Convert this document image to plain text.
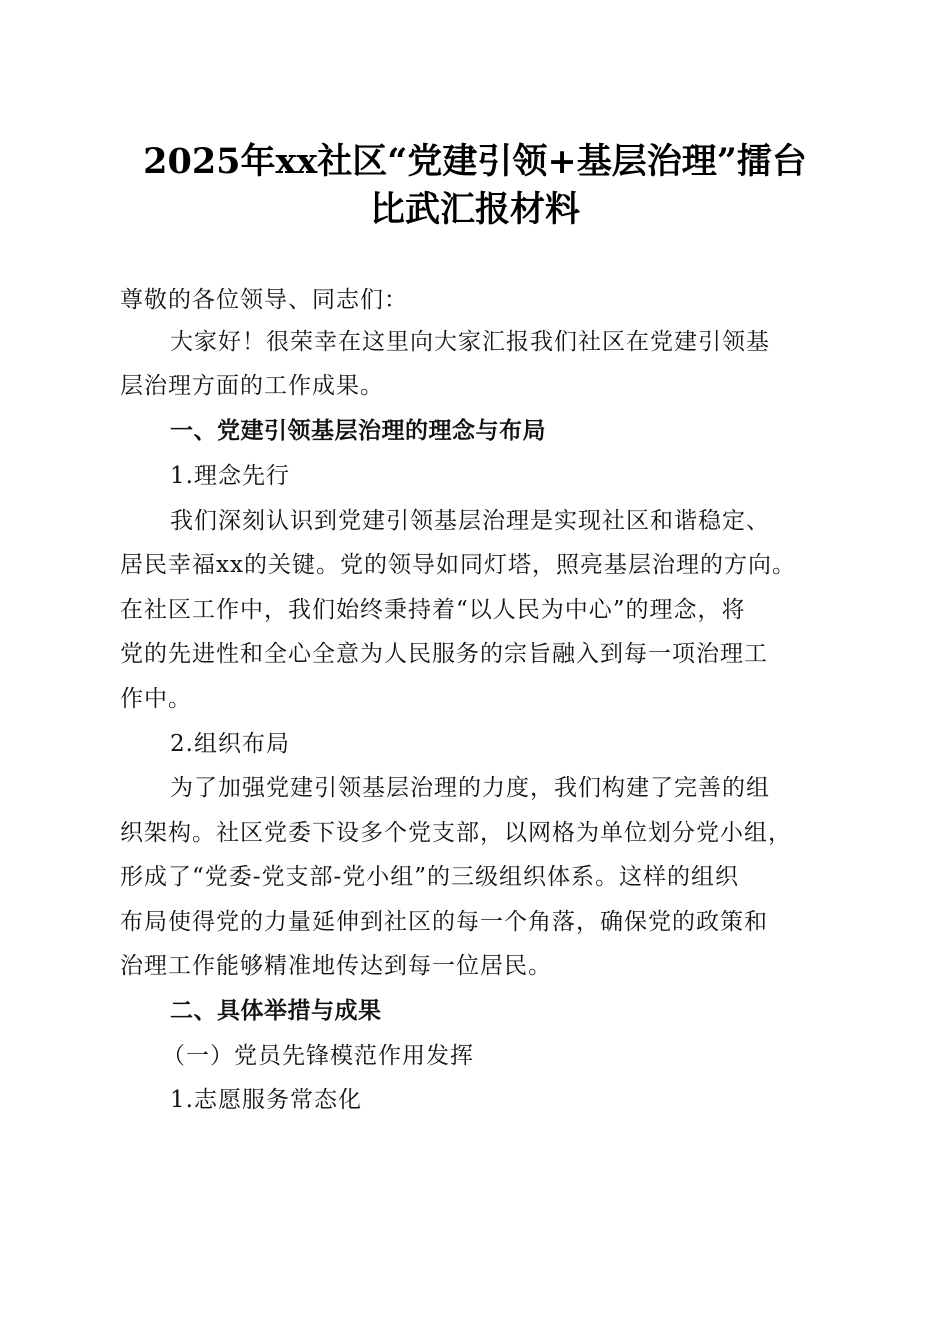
2025年xx社区“党建引领+基层治理”擂台
比武汇报材料

尊敬的各位领导、同志们：

大家好！很荣幸在这里向大家汇报我们社区在党建引领基

层治理方面的工作成果。

一、党建引领基层治理的理念与布局

1.理念先行

我们深刻认识到党建引领基层治理是实现社区和谐稳定、

居民幸福xx的关键。党的领导如同灯塔，照亮基层治理的方向。

在社区工作中，我们始终秉持着“以人民为中心”的理念，将

党的先进性和全心全意为人民服务的宗旨融入到每一项治理工

作中。

2.组织布局

为了加强党建引领基层治理的力度，我们构建了完善的组

织架构。社区党委下设多个党支部，以网格为单位划分党小组，

形成了“党委-党支部-党小组”的三级组织体系。这样的组织

布局使得党的力量延伸到社区的每一个角落，确保党的政策和

治理工作能够精准地传达到每一位居民。

二、具体举措与成果

（一）党员先锋模范作用发挥

1.志愿服务常态化
